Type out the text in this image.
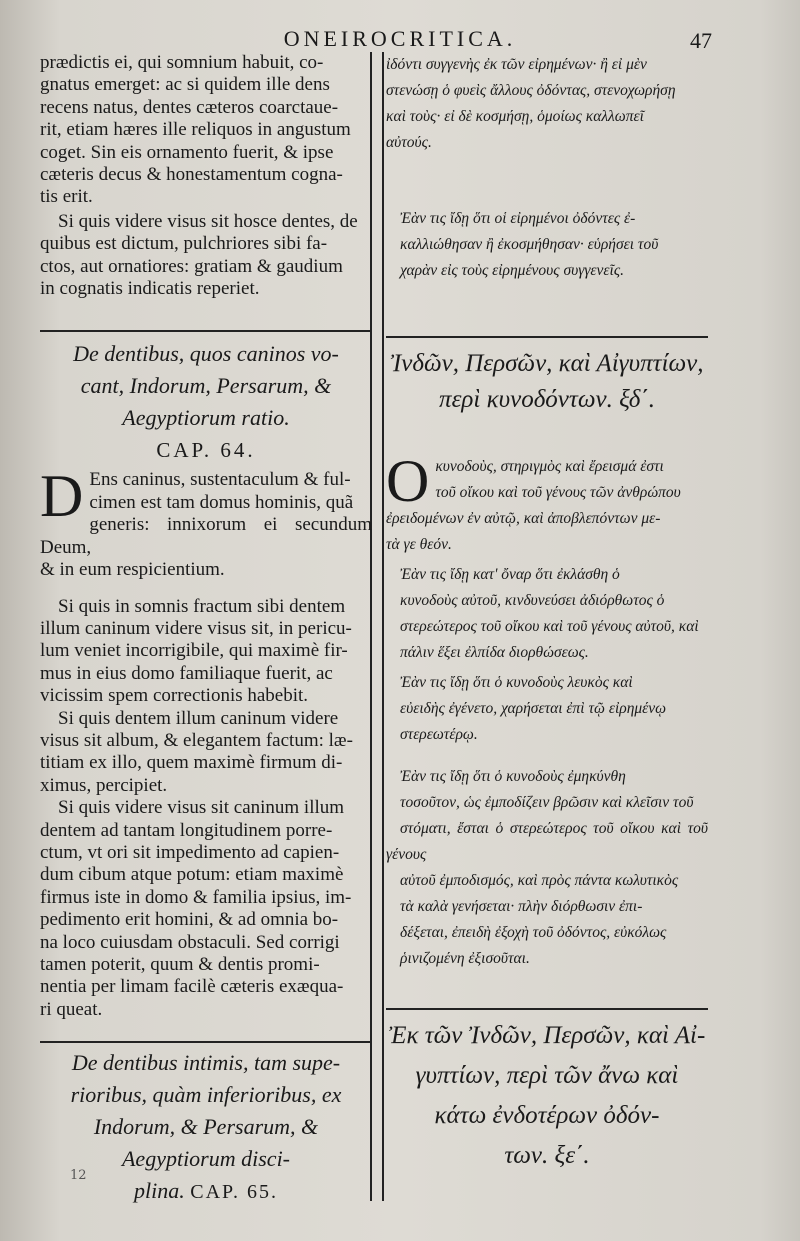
ONEIROCRITICA.	47
prædictis ei, qui somnium habuit, co-
gnatus emerget: ac si quidem ille dens
recens natus, dentes cæteros coarctaue-
rit, etiam hæres ille reliquos in angustum
coget. Sin eis ornamento fuerit, & ipse
cæteris decus & honestamentum cogna-
tis erit.
Si quis videre visus sit hosce dentes, de
quibus est dictum, pulchriores sibi fa-
ctos, aut ornatiores: gratiam & gaudium
in cognatis indicatis reperiet.
De dentibus, quos caninos vo-
cant, Indorum, Persarum, &
Aegyptiorum ratio.
CAP. 64.
D Ens caninus, sustentaculum & ful-
cimen est tam domus hominis, quã
generis: innixorum ei secundum Deum,
& in eum respicientium.
Si quis in somnis fractum sibi dentem
illum caninum videre visus sit, in pericu-
lum veniet incorrigibile, qui maximè fir-
mus in eius domo familiaque fuerit, ac
vicissim spem correctionis habebit.
Si quis dentem illum caninum videre
visus sit album, & elegantem factum: læ-
titiam ex illo, quem maximè firmum di-
ximus, percipiet.
Si quis videre visus sit caninum illum
dentem ad tantam longitudinem porre-
ctum, vt ori sit impedimento ad capien-
dum cibum atque potum: etiam maximè
firmus iste in domo & familia ipsius, im-
pedimento erit homini, & ad omnia bo-
na loco cuiusdam obstaculi. Sed corrigi
tamen poterit, quum & dentis promi-
nentia per limam facilè cæteris exæqua-
ri queat.
De dentibus intimis, tam supe-
rioribus, quàm inferioribus, ex
Indorum, & Persarum, &
Aegyptiorum disci-
plina. CAP. 65.
12
ἰδόντι συγγενὴς ἐκ τῶν εἰρημένων· ἢ εἰ μὲν
στενώσῃ ὁ φυεὶς ἄλλους ὀδόντας, στενοχωρήσῃ
καὶ τοὺς· εἰ δὲ κοσμήσῃ, ὁμοίως καλλωπεῖ
αὐτούς.
Ἐὰν τις ἴδῃ ὅτι οἱ εἰρημένοι ὀδόντες ἐ-
καλλιώθησαν ἢ ἐκοσμήθησαν· εὑρήσει τοῦ
χαρὰν εἰς τοὺς εἰρημένους συγγενεῖς.
Ἰνδῶν, Περσῶν, καὶ Αἰγυπτίων,
περὶ κυνοδόντων. ξδ΄.
Ο κυνοδοὺς, στηριγμὸς καὶ ἔρεισμά ἐστι
τοῦ οἴκου καὶ τοῦ γένους τῶν ἀνθρώπου
ἐρειδομένων ἐν αὐτῷ, καὶ ἀποβλεπόντων με-
τὰ γε θεόν.
Ἐὰν τις ἴδῃ κατ' ὄναρ ὅτι ἐκλάσθη ὁ
κυνοδοὺς αὐτοῦ, κινδυνεύσει ἀδιόρθωτος ὁ
στερεώτερος τοῦ οἴκου καὶ τοῦ γένους αὐτοῦ, καὶ
πάλιν ἕξει ἐλπίδα διορθώσεως.
Ἐὰν τις ἴδῃ ὅτι ὁ κυνοδοὺς λευκὸς καὶ
εὐειδὴς ἐγένετο, χαρήσεται ἐπὶ τῷ εἰρημένῳ
στερεωτέρῳ.
Ἐὰν τις ἴδῃ ὅτι ὁ κυνοδοὺς ἐμηκύνθη
τοσοῦτον, ὡς ἐμποδίζειν βρῶσιν καὶ κλεῖσιν τοῦ
στόματι, ἔσται ὁ στερεώτερος τοῦ οἴκου καὶ τοῦ γένους
αὐτοῦ ἐμποδισμός, καὶ πρὸς πάντα κωλυτικὸς
τὰ καλὰ γενήσεται· πλὴν διόρθωσιν ἐπι-
δέξεται, ἐπειδὴ ἐξοχὴ τοῦ ὀδόντος, εὐκόλως
ῥινιζομένη ἐξισοῦται.
Ἐκ τῶν Ἰνδῶν, Περσῶν, καὶ Αἰ-
γυπτίων, περὶ τῶν ἄνω καὶ
κάτω ἐνδοτέρων ὀδόν-
των. ξε΄.
